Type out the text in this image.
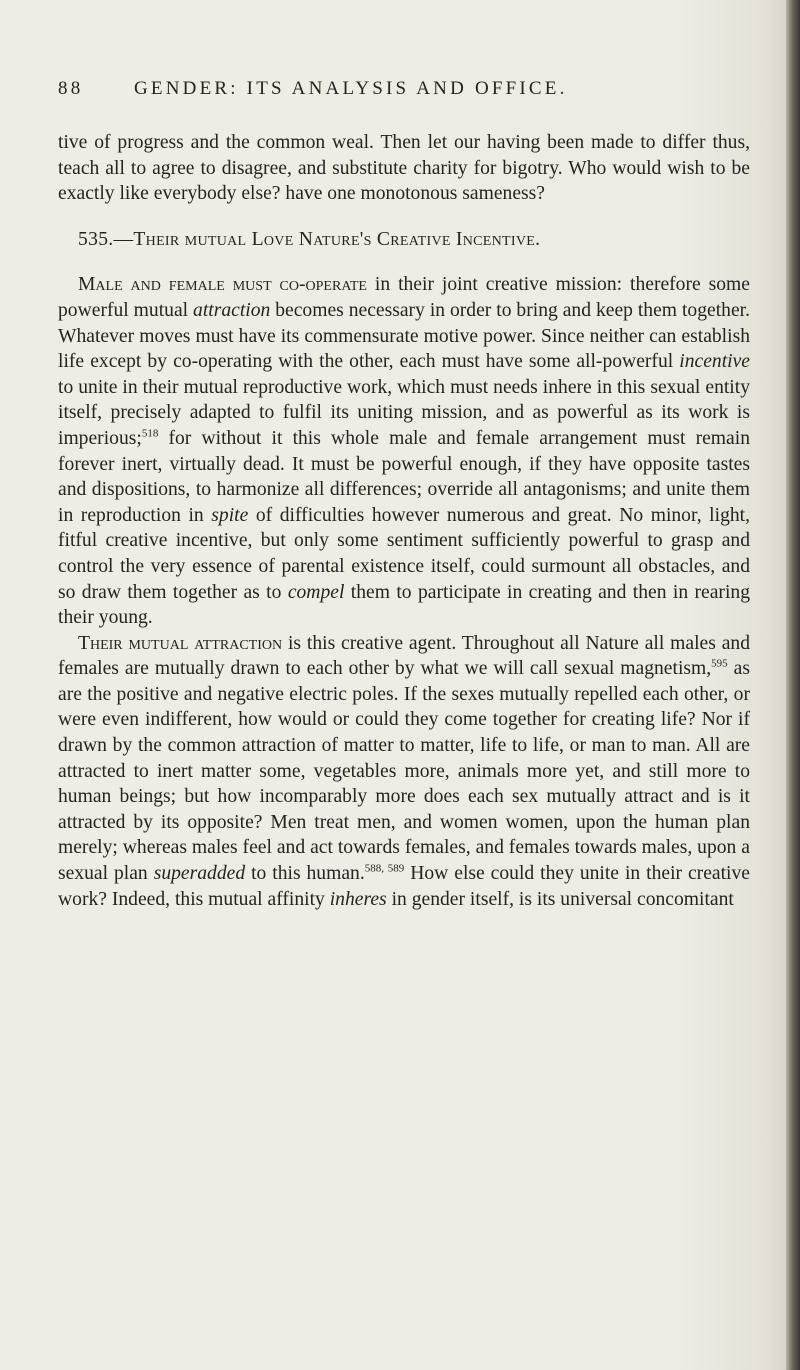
88	GENDER: ITS ANALYSIS AND OFFICE.

tive of progress and the common weal. Then let our having been made to differ thus, teach all to agree to disagree, and substitute charity for bigotry. Who would wish to be exactly like everybody else? have one monotonous sameness?

535.—Their mutual Love Nature's Creative Incentive.

Male and female must co-operate in their joint creative mission: therefore some powerful mutual attraction becomes necessary in order to bring and keep them together. Whatever moves must have its commensurate motive power. Since neither can establish life except by co-operating with the other, each must have some all-powerful incentive to unite in their mutual reproductive work, which must needs inhere in this sexual entity itself, precisely adapted to fulfil its uniting mission, and as powerful as its work is imperious;$^{518}$ for without it this whole male and female arrangement must remain forever inert, virtually dead. It must be powerful enough, if they have opposite tastes and dispositions, to harmonize all differences; override all antagonisms; and unite them in reproduction in spite of difficulties however numerous and great. No minor, light, fitful creative incentive, but only some sentiment sufficiently powerful to grasp and control the very essence of parental existence itself, could surmount all obstacles, and so draw them together as to compel them to participate in creating and then in rearing their young.

Their mutual attraction is this creative agent. Throughout all Nature all males and females are mutually drawn to each other by what we will call sexual magnetism,$^{595}$ as are the positive and negative electric poles. If the sexes mutually repelled each other, or were even indifferent, how would or could they come together for creating life? Nor if drawn by the common attraction of matter to matter, life to life, or man to man. All are attracted to inert matter some, vegetables more, animals more yet, and still more to human beings; but how incomparably more does each sex mutually attract and is it attracted by its opposite? Men treat men, and women women, upon the human plan merely; whereas males feel and act towards females, and females towards males, upon a sexual plan superadded to this human.$^{588, 589}$ How else could they unite in their creative work? Indeed, this mutual affinity inheres in gender itself, is its universal concomitant
